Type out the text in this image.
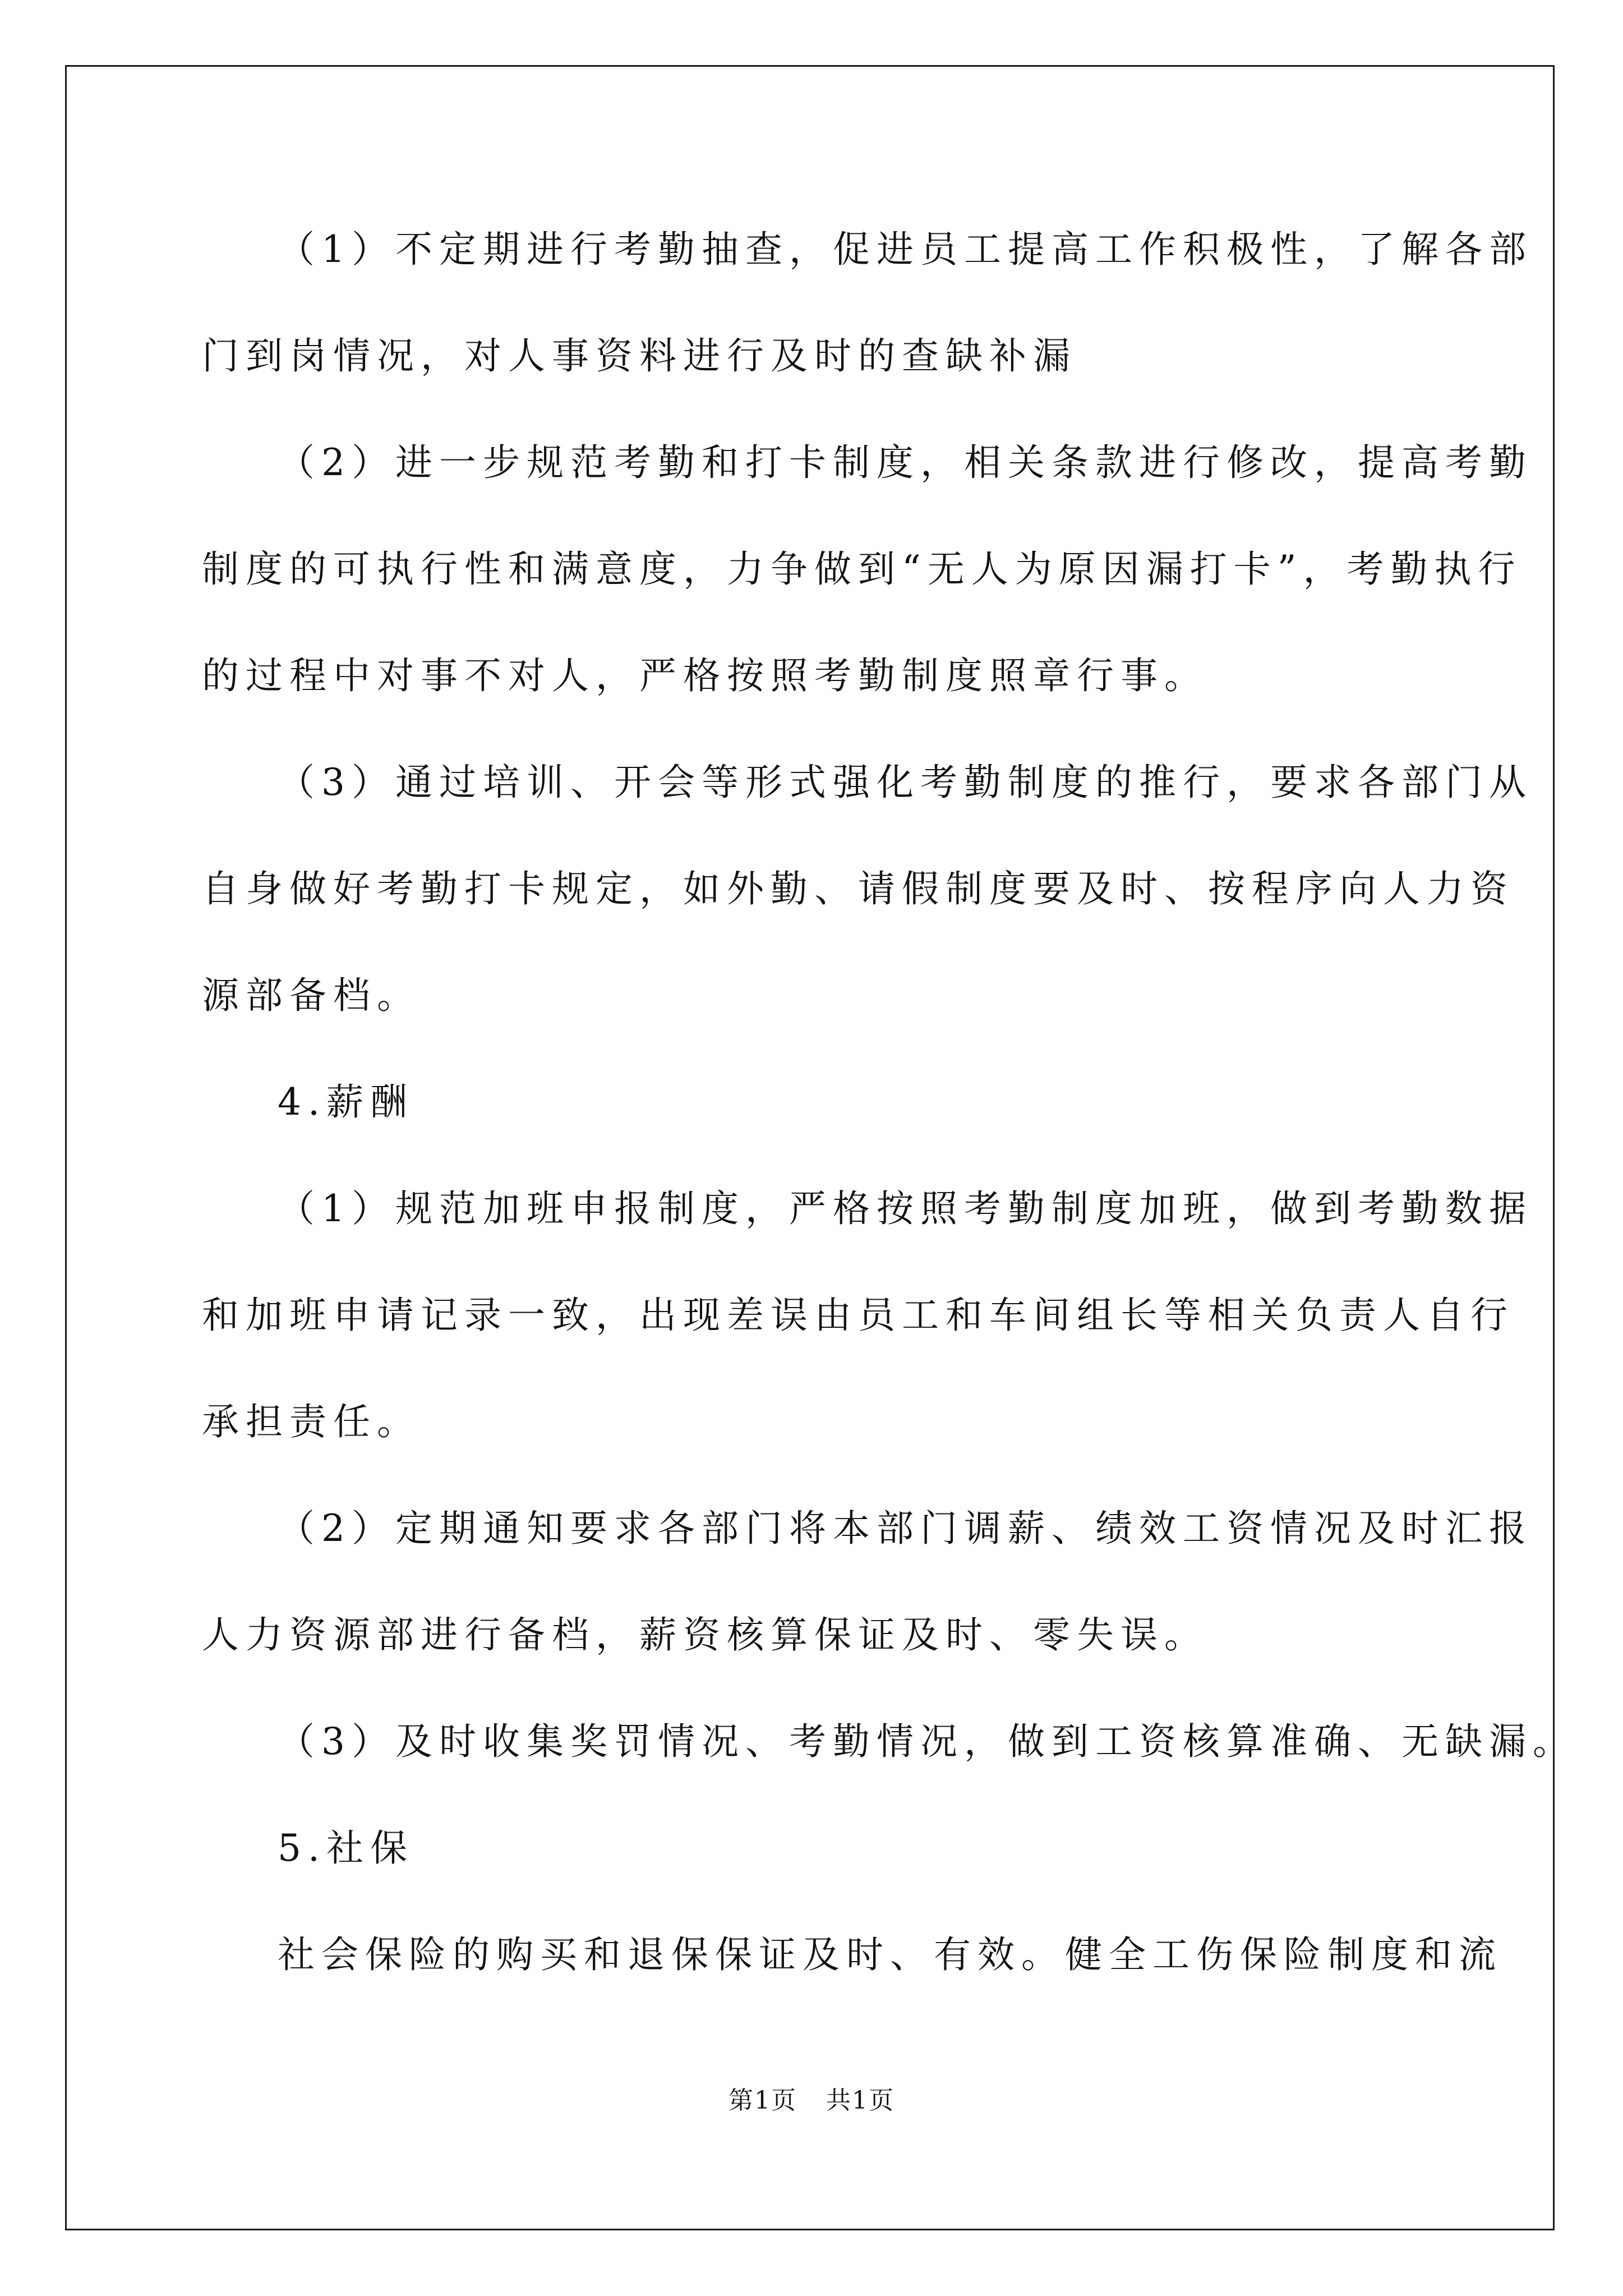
（1）不定期进行考勤抽查，促进员工提高工作积极性，了解各部
门到岗情况，对人事资料进行及时的查缺补漏
（2）进一步规范考勤和打卡制度，相关条款进行修改，提高考勤
制度的可执行性和满意度，力争做到“无人为原因漏打卡”，考勤执行
的过程中对事不对人，严格按照考勤制度照章行事。
（3）通过培训、开会等形式强化考勤制度的推行，要求各部门从
自身做好考勤打卡规定，如外勤、请假制度要及时、按程序向人力资
源部备档。
4.薪酬
（1）规范加班申报制度，严格按照考勤制度加班，做到考勤数据
和加班申请记录一致，出现差误由员工和车间组长等相关负责人自行
承担责任。
（2）定期通知要求各部门将本部门调薪、绩效工资情况及时汇报
人力资源部进行备档，薪资核算保证及时、零失误。
（3）及时收集奖罚情况、考勤情况，做到工资核算准确、无缺漏。
5.社保
社会保险的购买和退保保证及时、有效。健全工伤保险制度和流
第1页 共1页
